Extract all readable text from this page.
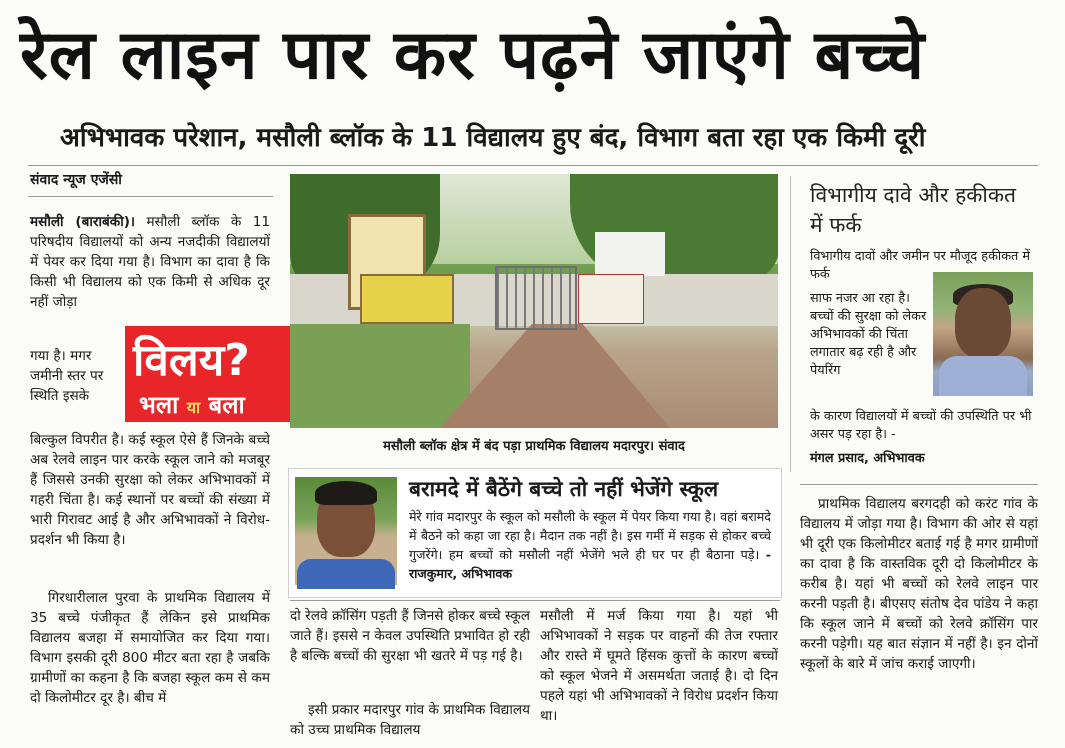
रेल लाइन पार कर पढ़ने जाएंगे बच्चे
अभिभावक परेशान, मसौली ब्लॉक के 11 विद्यालय हुए बंद, विभाग बता रहा एक किमी दूरी
संवाद न्यूज एजेंसी
मसौली (बाराबंकी)। मसौली ब्लॉक के 11 परिषदीय विद्यालयों को अन्य नजदीकी विद्यालयों में पेयर कर दिया गया है। विभाग का दावा है कि किसी भी विद्यालय को एक किमी से अधिक दूर नहीं जोड़ा
गया है। मगर जमीनी स्तर पर स्थिति इसके
बिल्कुल विपरीत है। कई स्कूल ऐसे हैं जिनके बच्चे अब रेलवे लाइन पार करके स्कूल जाने को मजबूर हैं जिससे उनकी सुरक्षा को लेकर अभिभावकों में गहरी चिंता है। कई स्थानों पर बच्चों की संख्या में भारी गिरावट आई है और अभिभावकों ने विरोध-प्रदर्शन भी किया है।
गिरधारीलाल पुरवा के प्राथमिक विद्यालय में 35 बच्चे पंजीकृत हैं लेकिन इसे प्राथमिक विद्यालय बजहा में समायोजित कर दिया गया। विभाग इसकी दूरी 800 मीटर बता रहा है जबकि ग्रामीणों का कहना है कि बजहा स्कूल कम से कम दो किलोमीटर दूर है। बीच में
विलय?
भला या बला
मसौली ब्लॉक क्षेत्र में बंद पड़ा प्राथमिक विद्यालय मदारपुर। संवाद
बरामदे में बैठेंगे बच्चे तो नहीं भेजेंगे स्कूल
मेरे गांव मदारपुर के स्कूल को मसौली के स्कूल में पेयर किया गया है। वहां बरामदे में बैठने को कहा जा रहा है। मैदान तक नहीं है। इस गर्मी में सड़क से होकर बच्चे गुजरेंगे। हम बच्चों को मसौली नहीं भेजेंगे भले ही घर पर ही बैठाना पड़े। - राजकुमार, अभिभावक
विभागीय दावे और हकीकत में फर्क
विभागीय दावों और जमीन पर मौजूद हकीकत में फर्क
साफ नजर आ रहा है। बच्चों की सुरक्षा को लेकर अभिभावकों की चिंता लगातार बढ़ रही है और पेयरिंग
के कारण विद्यालयों में बच्चों की उपस्थिति पर भी असर पड़ रहा है। -
मंगल प्रसाद, अभिभावक
दो रेलवे क्रॉसिंग पड़ती हैं जिनसे होकर बच्चे स्कूल जाते हैं। इससे न केवल उपस्थिति प्रभावित हो रही है बल्कि बच्चों की सुरक्षा भी खतरे में पड़ गई है।
इसी प्रकार मदारपुर गांव के प्राथमिक विद्यालय को उच्च प्राथमिक विद्यालय
मसौली में मर्ज किया गया है। यहां भी अभिभावकों ने सड़क पर वाहनों की तेज रफ्तार और रास्ते में घूमते हिंसक कुत्तों के कारण बच्चों को स्कूल भेजने में असमर्थता जताई है। दो दिन पहले यहां भी अभिभावकों ने विरोध प्रदर्शन किया था।
प्राथमिक विद्यालय बरगदही को करंट गांव के विद्यालय में जोड़ा गया है। विभाग की ओर से यहां भी दूरी एक किलोमीटर बताई गई है मगर ग्रामीणों का दावा है कि वास्तविक दूरी दो किलोमीटर के करीब है। यहां भी बच्चों को रेलवे लाइन पार करनी पड़ती है। बीएसए संतोष देव पांडेय ने कहा कि स्कूल जाने में बच्चों को रेलवे क्रॉसिंग पार करनी पड़ेगी। यह बात संज्ञान में नहीं है। इन दोनों स्कूलों के बारे में जांच कराई जाएगी।
